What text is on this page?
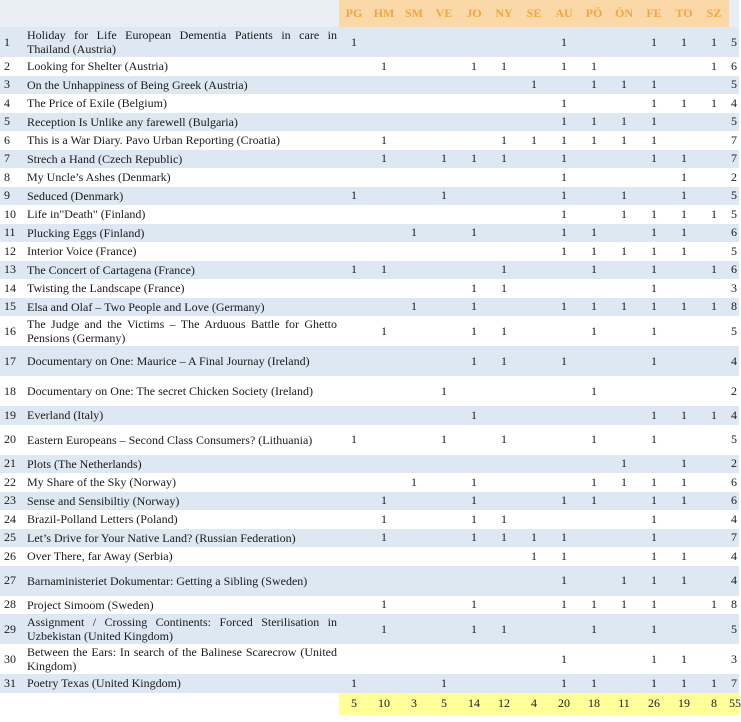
		PG	HM	SM	VE	JO	NY	SE	AU	PÖ	ÖN	FE	TO	SZ		
1	Holiday for Life European Dementia Patients in care in Thailand (Austria)	1							1			1	1	1	5	
2	Looking for Shelter (Austria)		1			1	1		1	1				1	6	
3	On the Unhappiness of Being Greek (Austria)							1		1	1	1			5	
4	The Price of Exile (Belgium)								1			1	1	1	4	
5	Reception Is Unlike any farewell (Bulgaria)								1	1	1	1			5	
6	This is a War Diary. Pavo Urban Reporting (Croatia)		1				1	1	1	1	1	1			7	
7	Strech a Hand (Czech Republic)		1		1	1	1		1			1	1		7	
8	My Uncle’s Ashes (Denmark)								1				1		2	
9	Seduced (Denmark)	1			1				1		1		1		5	
10	Life in"Death" (Finland)								1		1	1	1	1	5	
11	Plucking Eggs (Finland)			1		1			1	1		1	1		6	
12	Interior Voice (France)								1	1	1	1	1		5	
13	The Concert of Cartagena (France)	1	1				1			1		1		1	6	
14	Twisting the Landscape (France)					1	1					1			3	
15	Elsa and Olaf – Two People and Love (Germany)			1		1			1	1	1	1	1	1	8	
16	The Judge and the Victims – The Arduous Battle for Ghetto Pensions (Germany)		1			1	1			1		1			5	
17	Documentary on One: Maurice – A Final Journay (Ireland)					1	1		1			1			4	
18	Documentary on One: The secret Chicken Society (Ireland)				1					1					2	
19	Everland (Italy)					1						1	1	1	4	
20	Eastern Europeans – Second Class Consumers? (Lithuania)	1			1		1			1		1			5	
21	Plots (The Netherlands)										1		1		2	
22	My Share of the Sky (Norway)			1		1				1	1	1	1		6	
23	Sense and Sensibiltiy (Norway)		1			1			1	1		1	1		6	
24	Brazil-Polland Letters (Poland)		1			1	1					1			4	
25	Let’s Drive for Your Native Land? (Russian Federation)		1			1	1	1	1			1			7	
26	Over There, far Away (Serbia)							1	1			1	1		4	
27	Barnaministeriet Dokumentar: Getting a Sibling (Sweden)								1		1	1	1		4	
28	Project Simoom (Sweden)		1			1			1	1	1	1		1	8	
29	Assignment / Crossing Continents: Forced Sterilisation in Uzbekistan (United Kingdom)		1			1	1			1		1			5	
30	Between the Ears: In search of the Balinese Scarecrow (United Kingdom)								1			1	1		3	
31	Poetry Texas (United Kingdom)	1			1				1	1		1	1	1	7	
		5	10	3	5	14	12	4	20	18	11	26	19	8	55	
